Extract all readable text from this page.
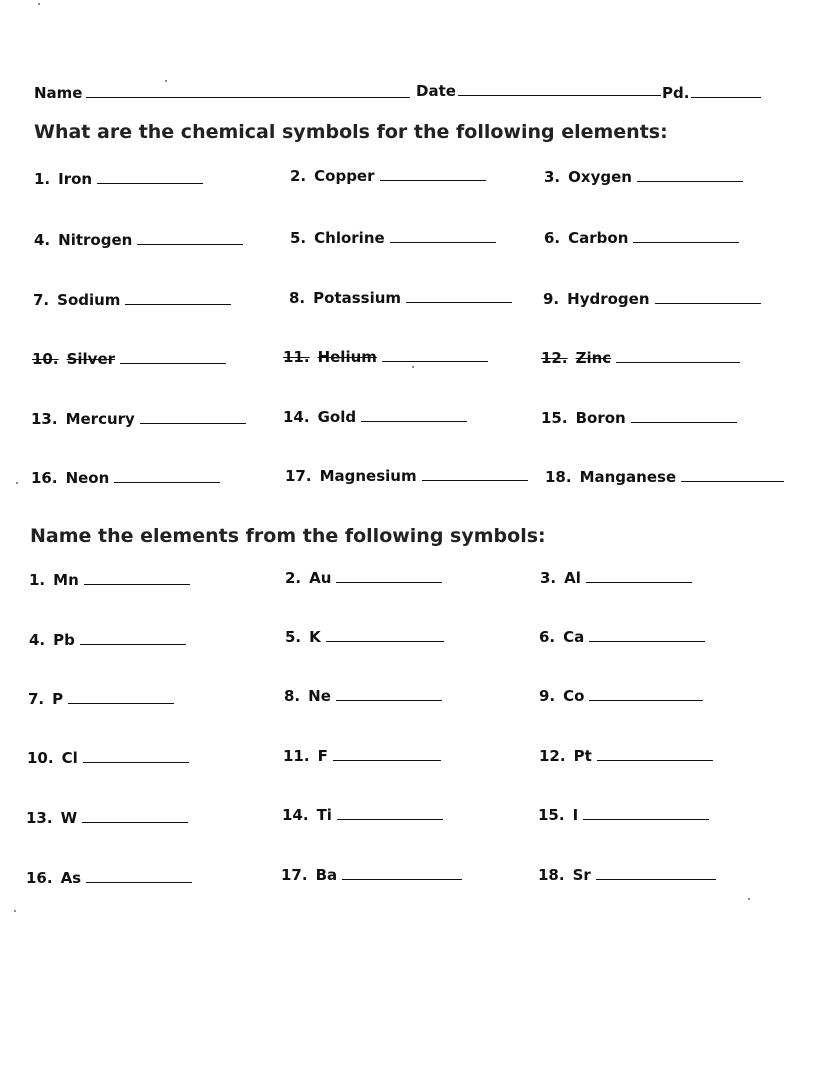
Name	Date	Pd.
What are the chemical symbols for the following elements:
1. Iron	2. Copper	3. Oxygen
4. Nitrogen	5. Chlorine	6. Carbon
7. Sodium	8. Potassium	9. Hydrogen
10. Silver	11. Helium	12. Zinc
13. Mercury	14. Gold	15. Boron
16. Neon	17. Magnesium	18. Manganese
Name the elements from the following symbols:
1. Mn	2. Au	3. Al
4. Pb	5. K	6. Ca
7. P	8. Ne	9. Co
10. Cl	11. F	12. Pt
13. W	14. Ti	15. I
16. As	17. Ba	18. Sr
